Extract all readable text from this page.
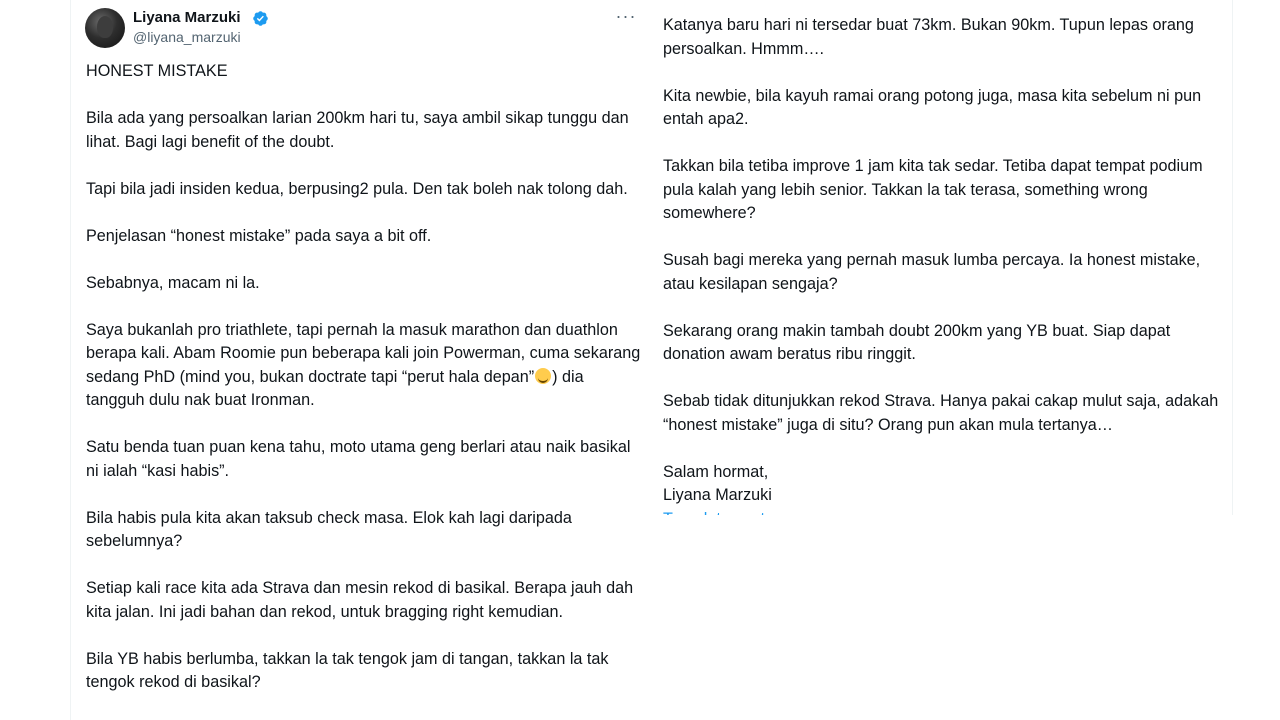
Liyana Marzuki
@liyana_marzuki
···

HONEST MISTAKE

Bila ada yang persoalkan larian 200km hari tu, saya ambil sikap tunggu dan lihat. Bagi lagi benefit of the doubt.

Tapi bila jadi insiden kedua, berpusing2 pula. Den tak boleh nak tolong dah.

Penjelasan “honest mistake” pada saya a bit off.

Sebabnya, macam ni la.

Saya bukanlah pro triathlete, tapi pernah la masuk marathon dan duathlon berapa kali. Abam Roomie pun beberapa kali join Powerman, cuma sekarang sedang PhD (mind you, bukan doctrate tapi “perut hala depan” ) dia tangguh dulu nak buat Ironman.

Satu benda tuan puan kena tahu, moto utama geng berlari atau naik basikal ni ialah “kasi habis”.

Bila habis pula kita akan taksub check masa. Elok kah lagi daripada sebelumnya?

Setiap kali race kita ada Strava dan mesin rekod di basikal. Berapa jauh dah kita jalan. Ini jadi bahan dan rekod, untuk bragging right kemudian.

Bila YB habis berlumba, takkan la tak tengok jam di tangan, takkan la tak tengok rekod di basikal?

Katanya baru hari ni tersedar buat 73km. Bukan 90km. Tupun lepas orang persoalkan. Hmmm….

Kita newbie, bila kayuh ramai orang potong juga, masa kita sebelum ni pun entah apa2.

Takkan bila tetiba improve 1 jam kita tak sedar. Tetiba dapat tempat podium pula kalah yang lebih senior. Takkan la tak terasa, something wrong somewhere?

Susah bagi mereka yang pernah masuk lumba percaya. Ia honest mistake, atau kesilapan sengaja?

Sekarang orang makin tambah doubt 200km yang YB buat. Siap dapat donation awam beratus ribu ringgit.

Sebab tidak ditunjukkan rekod Strava. Hanya pakai cakap mulut saja, adakah “honest mistake” juga di situ? Orang pun akan mula tertanya…

Salam hormat,
Liyana Marzuki
